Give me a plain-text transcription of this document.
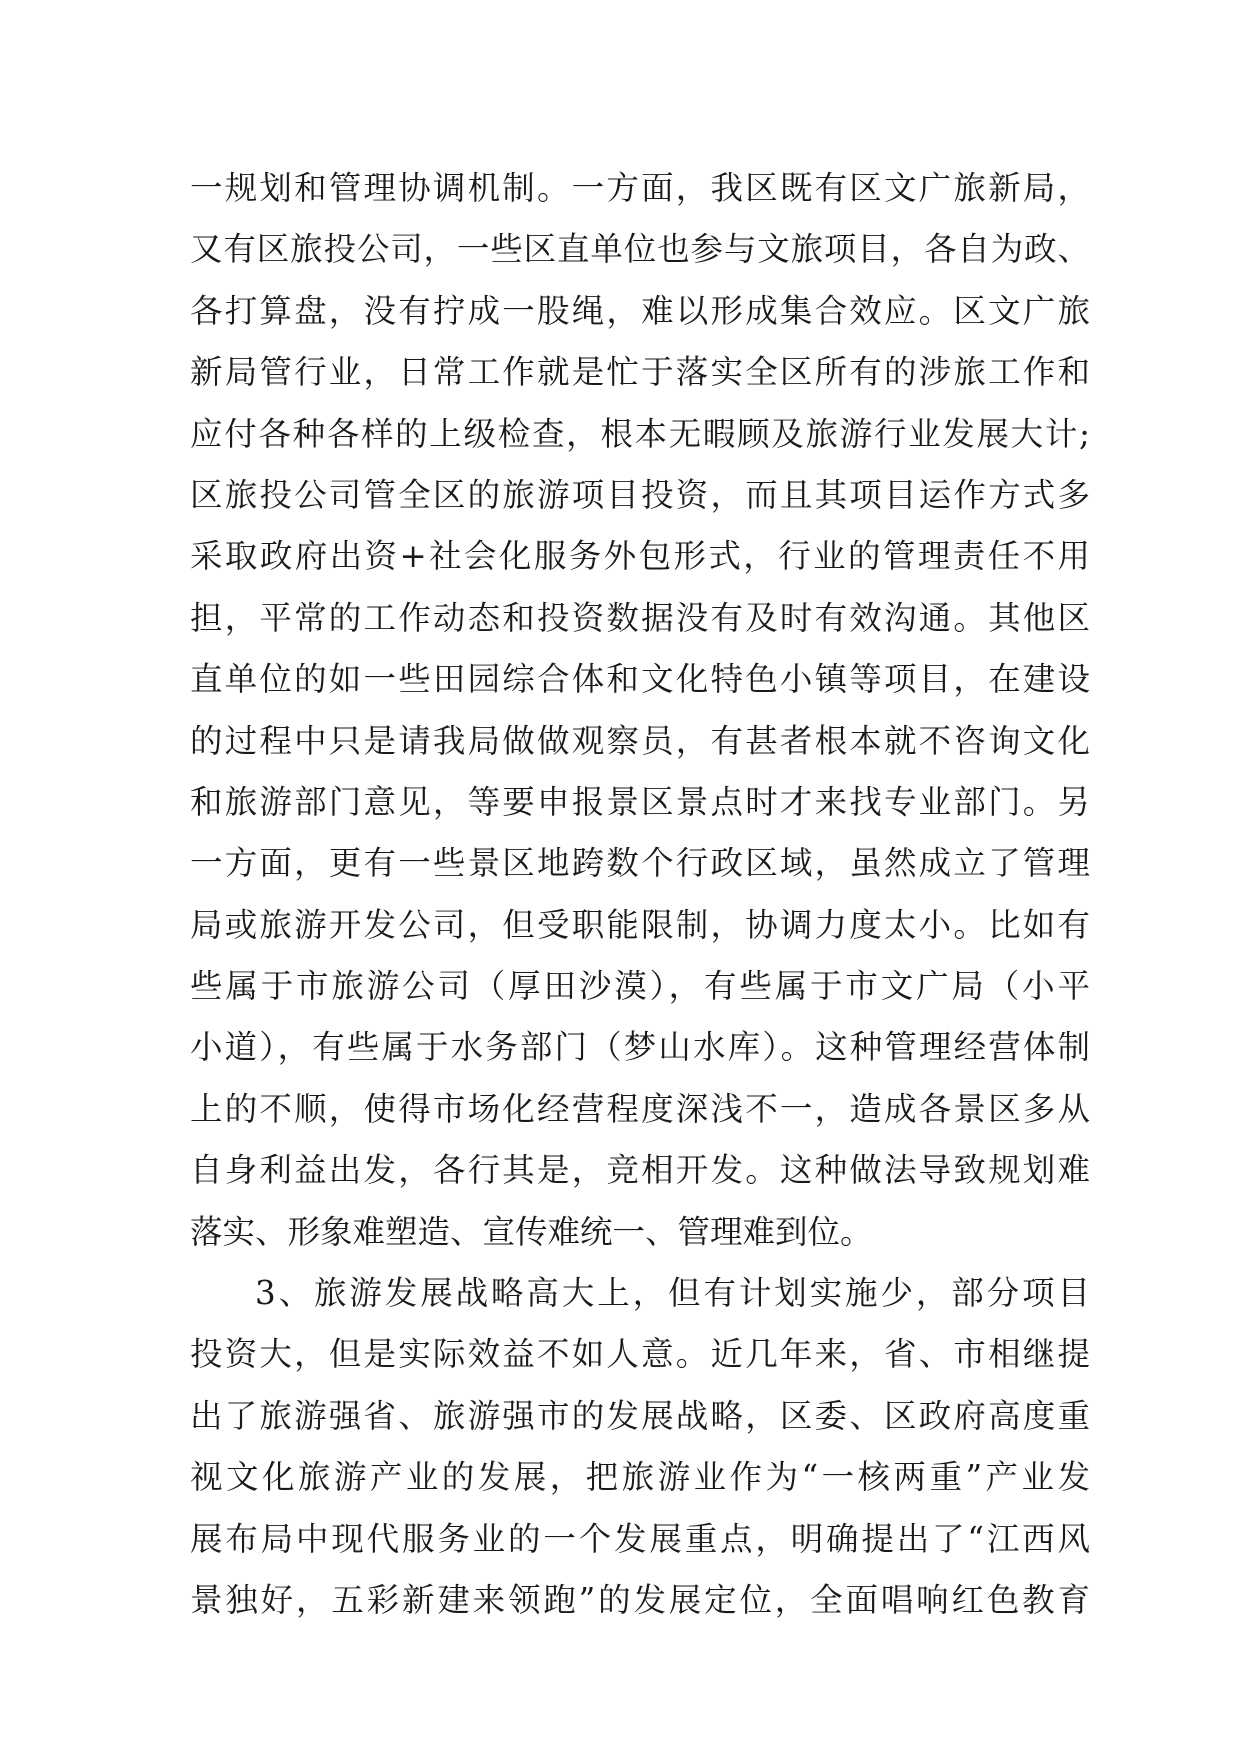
一规划和管理协调机制。一方面，我区既有区文广旅新局，
又有区旅投公司，一些区直单位也参与文旅项目，各自为政、
各打算盘，没有拧成一股绳，难以形成集合效应。区文广旅
新局管行业，日常工作就是忙于落实全区所有的涉旅工作和
应付各种各样的上级检查，根本无暇顾及旅游行业发展大计;
区旅投公司管全区的旅游项目投资，而且其项目运作方式多
采取政府出资+社会化服务外包形式，行业的管理责任不用
担，平常的工作动态和投资数据没有及时有效沟通。其他区
直单位的如一些田园综合体和文化特色小镇等项目，在建设
的过程中只是请我局做做观察员，有甚者根本就不咨询文化
和旅游部门意见，等要申报景区景点时才来找专业部门。另
一方面，更有一些景区地跨数个行政区域，虽然成立了管理
局或旅游开发公司，但受职能限制，协调力度太小。比如有
些属于市旅游公司（厚田沙漠），有些属于市文广局（小平
小道），有些属于水务部门（梦山水库）。这种管理经营体制
上的不顺，使得市场化经营程度深浅不一，造成各景区多从
自身利益出发，各行其是，竞相开发。这种做法导致规划难
落实、形象难塑造、宣传难统一、管理难到位。
3、旅游发展战略高大上，但有计划实施少，部分项目
投资大，但是实际效益不如人意。近几年来，省、市相继提
出了旅游强省、旅游强市的发展战略，区委、区政府高度重
视文化旅游产业的发展，把旅游业作为“一核两重”产业发
展布局中现代服务业的一个发展重点，明确提出了“江西风
景独好，五彩新建来领跑”的发展定位，全面唱响红色教育
